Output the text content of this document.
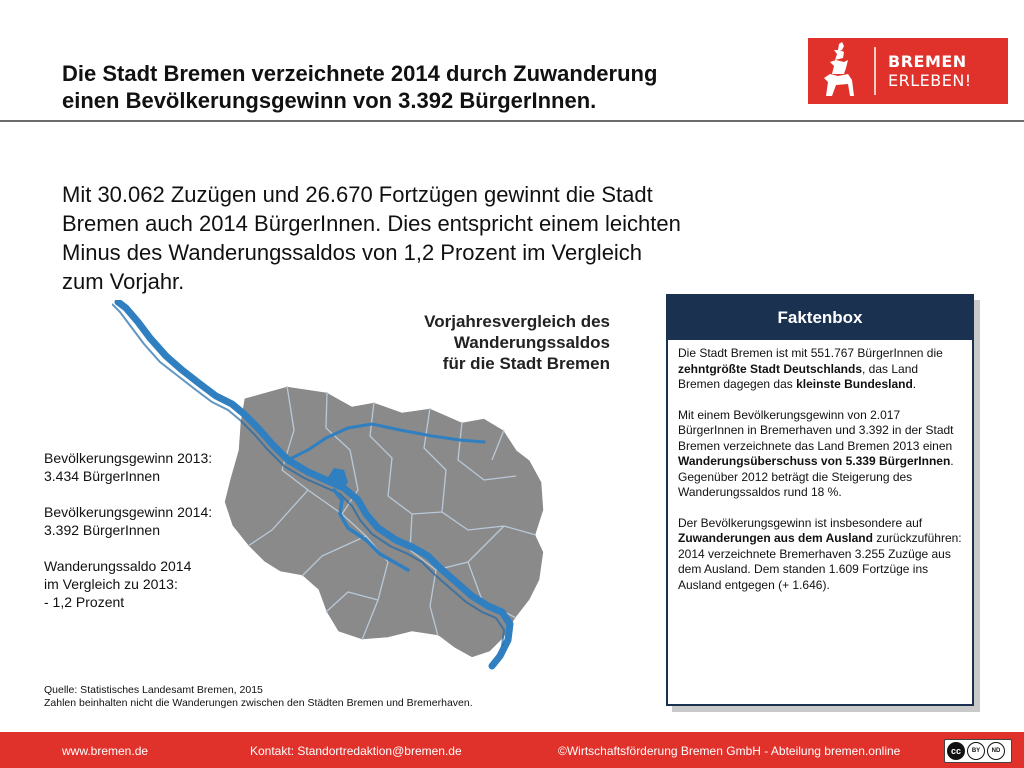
Die Stadt Bremen verzeichnete 2014 durch Zuwanderung
einen Bevölkerungsgewinn von 3.392 BürgerInnen.
BREMEN
ERLEBEN!
Mit 30.062 Zuzügen und 26.670 Fortzügen gewinnt die Stadt Bremen auch 2014 BürgerInnen. Dies entspricht einem leichten Minus des Wanderungssaldos von 1,2 Prozent im Vergleich zum Vorjahr.
Vorjahresvergleich des
Wanderungssaldos
für die Stadt Bremen
Bevölkerungsgewinn 2013:
3.434 BürgerInnen
Bevölkerungsgewinn 2014:
3.392 BürgerInnen
Wanderungssaldo 2014
im Vergleich zu 2013:
- 1,2 Prozent
Quelle: Statistisches Landesamt Bremen, 2015
Zahlen beinhalten nicht die Wanderungen zwischen den Städten Bremen und Bremerhaven.
Faktenbox

Die Stadt Bremen ist mit 551.767 BürgerInnen die zehntgrößte Stadt Deutschlands, das Land Bremen dagegen das kleinste Bundesland.

Mit einem Bevölkerungsgewinn von 2.017 BürgerInnen in Bremerhaven und 3.392 in der Stadt Bremen verzeichnete das Land Bremen 2013 einen Wanderungsüberschuss von 5.339 BürgerInnen. Gegenüber 2012 beträgt die Steigerung des Wanderungssaldos rund 18 %.

Der Bevölkerungsgewinn ist insbesondere auf Zuwanderungen aus dem Ausland zurückzuführen: 2014 verzeichnete Bremerhaven 3.255 Zuzüge aus dem Ausland. Dem standen 1.609 Fortzüge ins Ausland entgegen (+ 1.646).

www.bremen.de	Kontakt: Standortredaktion@bremen.de	©Wirtschaftsförderung Bremen GmbH - Abteilung bremen.online	cc	BY ND
